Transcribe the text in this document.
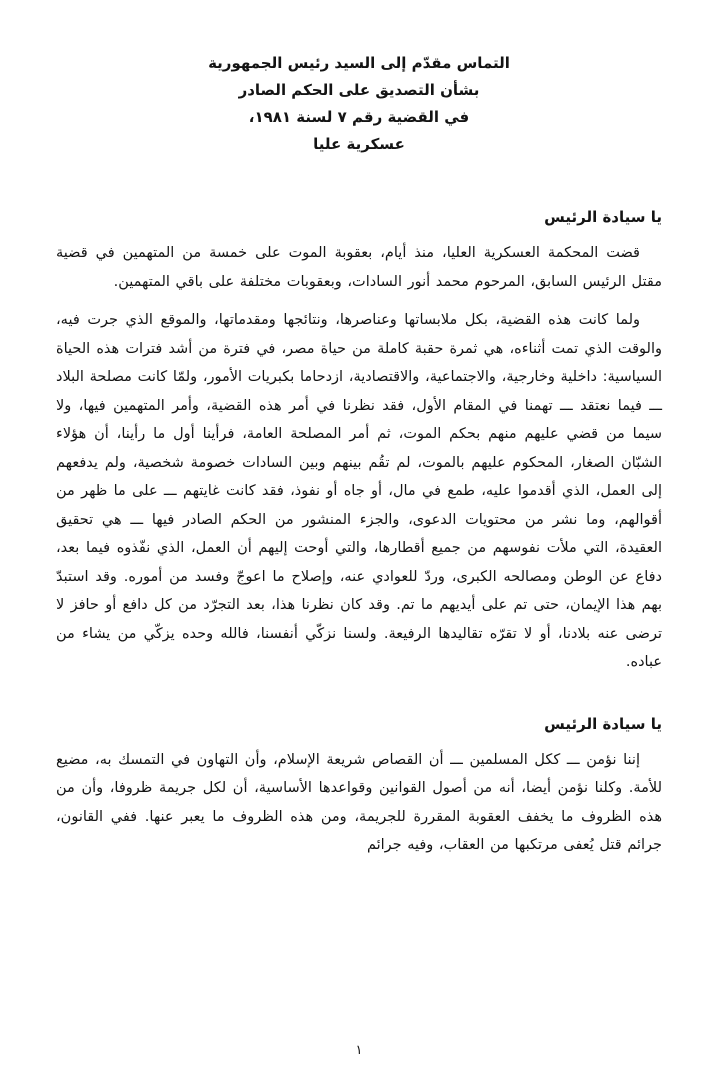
التماس مقدّم إلى السيد رئيس الجمهورية
بشأن التصديق على الحكم الصادر
في القضية رقم ٧ لسنة ١٩٨١،
عسكرية عليا
يا سيادة الرئيس

قضت المحكمة العسكرية العليا، منذ أيام، بعقوبة الموت على خمسة من المتهمين في قضية مقتل الرئيس السابق، المرحوم محمد أنور السادات، وبعقوبات مختلفة على باقي المتهمين.

ولما كانت هذه القضية، بكل ملابساتها وعناصرها، ونتائجها ومقدماتها، والموقع الذي جرت فيه، والوقت الذي تمت أثناءه، هي ثمرة حقبة كاملة من حياة مصر، في فترة من أشد فترات هذه الحياة السياسية: داخلية وخارجية، والاجتماعية، والاقتصادية، ازدحاما بكبريات الأمور، ولمّا كانت مصلحة البلاد ـــ فيما نعتقد ـــ تهمنا في المقام الأول، فقد نظرنا في أمر هذه القضية، وأمر المتهمين فيها، ولا سيما من قضي عليهم منهم بحكم الموت، ثم أمر المصلحة العامة، فرأينا أول ما رأينا، أن هؤلاء الشبّان الصغار، المحكوم عليهم بالموت، لم تقُم بينهم وبين السادات خصومة شخصية، ولم يدفعهم إلى العمل، الذي أقدموا عليه، طمع في مال، أو جاه أو نفوذ، فقد كانت غايتهم ـــ على ما ظهر من أقوالهم، وما نشر من محتويات الدعوى، والجزء المنشور من الحكم الصادر فيها ـــ هي تحقيق العقيدة، التي ملأت نفوسهم من جميع أقطارها، والتي أوحت إليهم أن العمل، الذي نفّذوه فيما بعد، دفاع عن الوطن ومصالحه الكبرى، وردّ للعوادي عنه، وإصلاح ما اعوجّ وفسد من أموره. وقد استبدّ بهم هذا الإيمان، حتى تم على أيديهم ما تم. وقد كان نظرنا هذا، بعد التجرّد من كل دافع أو حافز لا ترضى عنه بلادنا، أو لا تقرّه تقاليدها الرفيعة. ولسنا نزكّي أنفسنا، فالله وحده يزكّي من يشاء من عباده.

يا سيادة الرئيس

إننا نؤمن ـــ ككل المسلمين ـــ أن القصاص شريعة الإسلام، وأن التهاون في التمسك به، مضيع للأمة. وكلنا نؤمن أيضا، أنه من أصول القوانين وقواعدها الأساسية، أن لكل جريمة ظروفا، وأن من هذه الظروف ما يخفف العقوبة المقررة للجريمة، ومن هذه الظروف ما يعبر عنها. ففي القانون، جرائم قتل يُعفى مرتكبها من العقاب، وفيه جرائم

١
